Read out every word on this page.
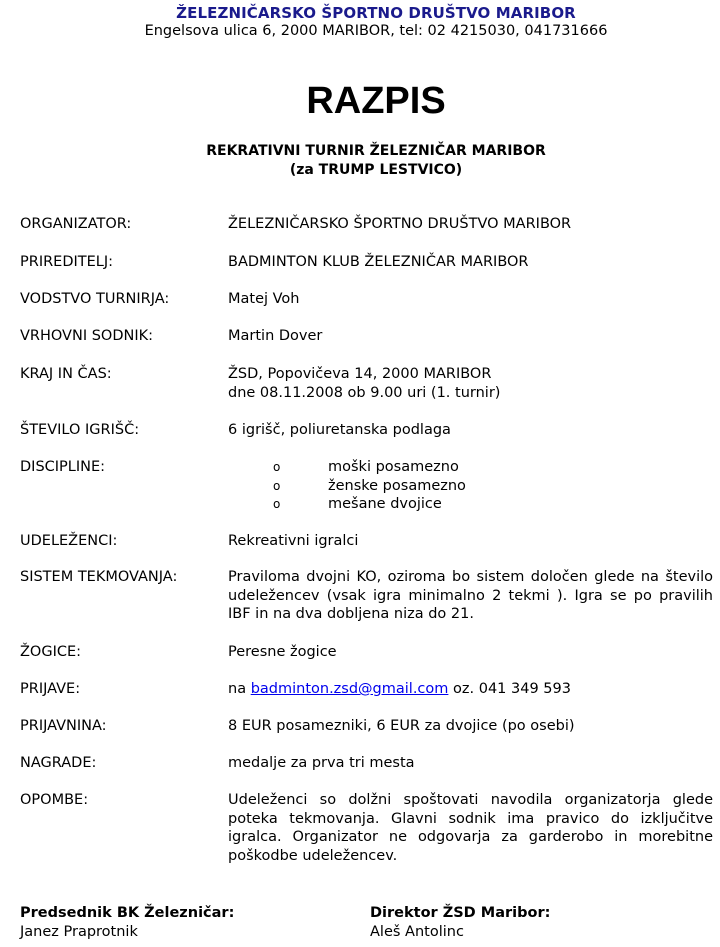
ŽELEZNIČARSKO ŠPORTNO DRUŠTVO MARIBOR
Engelsova ulica 6, 2000 MARIBOR, tel: 02 4215030, 041731666
RAZPIS
REKRATIVNI TURNIR ŽELEZNIČAR MARIBOR
(za TRUMP LESTVICO)
ORGANIZATOR:	ŽELEZNIČARSKO ŠPORTNO DRUŠTVO MARIBOR
PRIREDITELJ:	BADMINTON KLUB ŽELEZNIČAR MARIBOR
VODSTVO TURNIRJA:	Matej Voh
VRHOVNI SODNIK:	Martin Dover
KRAJ IN ČAS:	ŽSD, Popovičeva 14, 2000 MARIBOR
dne 08.11.2008 ob 9.00 uri (1. turnir)
ŠTEVILO IGRIŠČ:	6 igrišč, poliuretanska podlaga
DISCIPLINE:	o	moški posamezno
o	ženske posamezno
o	mešane dvojice
UDELEŽENCI:	Rekreativni igralci
SISTEM TEKMOVANJA:	Praviloma dvojni KO, oziroma bo sistem določen glede na število udeležencev (vsak igra minimalno 2 tekmi ). Igra se po pravilih IBF in na dva dobljena niza do 21.
ŽOGICE:	Peresne žogice
PRIJAVE:	na badminton.zsd@gmail.com oz. 041 349 593
PRIJAVNINA:	8 EUR posamezniki, 6 EUR za dvojice (po osebi)
NAGRADE:	medalje za prva tri mesta
OPOMBE:	Udeleženci so dolžni spoštovati navodila organizatorja glede poteka tekmovanja. Glavni sodnik ima pravico do izključitve igralca. Organizator ne odgovarja za garderobo in morebitne poškodbe udeležencev.
Predsednik BK Železničar:
Janez Praprotnik
Direktor ŽSD Maribor:
Aleš Antolinc
